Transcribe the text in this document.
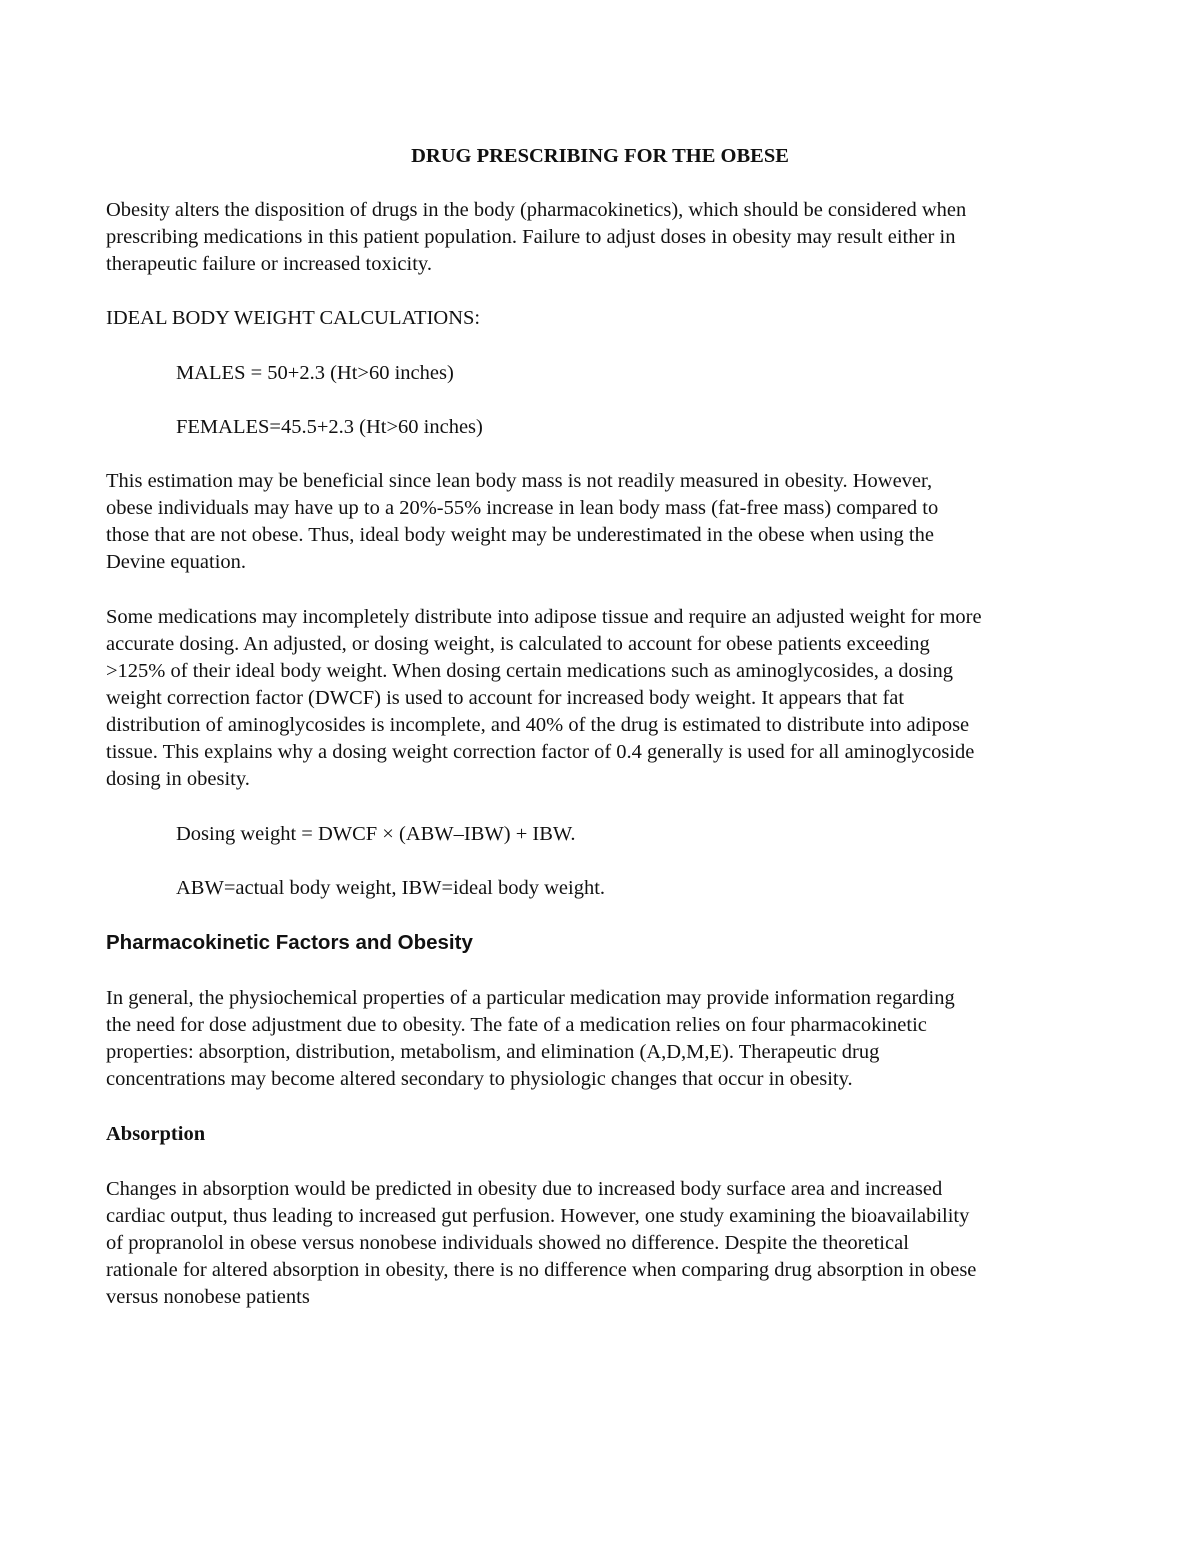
DRUG PRESCRIBING FOR THE OBESE

Obesity alters the disposition of drugs in the body (pharmacokinetics), which should be considered when
prescribing medications in this patient population. Failure to adjust doses in obesity may result either in
therapeutic failure or increased toxicity.

IDEAL BODY WEIGHT CALCULATIONS:

MALES = 50+2.3 (Ht>60 inches)

FEMALES=45.5+2.3 (Ht>60 inches)

This estimation may be beneficial since lean body mass is not readily measured in obesity. However,
obese individuals may have up to a 20%-55% increase in lean body mass (fat-free mass) compared to
those that are not obese. Thus, ideal body weight may be underestimated in the obese when using the
Devine equation.

Some medications may incompletely distribute into adipose tissue and require an adjusted weight for more
accurate dosing. An adjusted, or dosing weight, is calculated to account for obese patients exceeding
>125% of their ideal body weight. When dosing certain medications such as aminoglycosides, a dosing
weight correction factor (DWCF) is used to account for increased body weight. It appears that fat
distribution of aminoglycosides is incomplete, and 40% of the drug is estimated to distribute into adipose
tissue. This explains why a dosing weight correction factor of 0.4 generally is used for all aminoglycoside
dosing in obesity.

Dosing weight = DWCF × (ABW–IBW) + IBW.

ABW=actual body weight, IBW=ideal body weight.

Pharmacokinetic Factors and Obesity

In general, the physiochemical properties of a particular medication may provide information regarding
the need for dose adjustment due to obesity. The fate of a medication relies on four pharmacokinetic
properties: absorption, distribution, metabolism, and elimination (A,D,M,E). Therapeutic drug
concentrations may become altered secondary to physiologic changes that occur in obesity.

Absorption

Changes in absorption would be predicted in obesity due to increased body surface area and increased
cardiac output, thus leading to increased gut perfusion. However, one study examining the bioavailability
of propranolol in obese versus nonobese individuals showed no difference. Despite the theoretical
rationale for altered absorption in obesity, there is no difference when comparing drug absorption in obese
versus nonobese patients
